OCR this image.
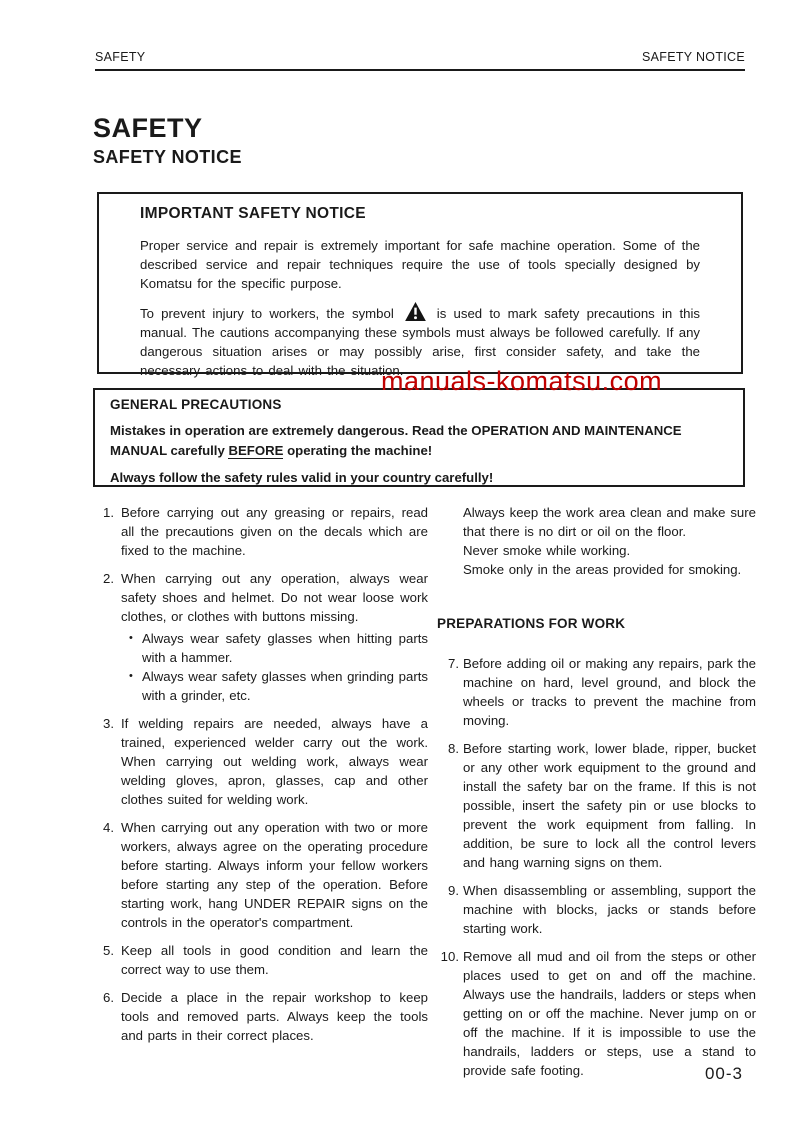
SAFETY	SAFETY NOTICE
SAFETY
SAFETY NOTICE
IMPORTANT SAFETY NOTICE

Proper service and repair is extremely important for safe machine operation. Some of the described service and repair techniques require the use of tools specially designed by Komatsu for the specific purpose.

To prevent injury to workers, the symbol	is used to mark safety precautions in this manual. The cautions accompanying these symbols must always be followed carefully. If any dangerous situation arises or may possibly arise, first consider safety, and take the necessary actions to deal with the situation.

manuals-komatsu.com
GENERAL PRECAUTIONS

Mistakes in operation are extremely dangerous. Read the OPERATION AND MAINTENANCE MANUAL carefully BEFORE operating the machine!

Always follow the safety rules valid in your country carefully!

1. Before carrying out any greasing or repairs, read all the precautions given on the decals which are fixed to the machine.
2. When carrying out any operation, always wear safety shoes and helmet. Do not wear loose work clothes, or clothes with buttons missing.
• Always wear safety glasses when hitting parts with a hammer.
• Always wear safety glasses when grinding parts with a grinder, etc.
3. If welding repairs are needed, always have a trained, experienced welder carry out the work. When carrying out welding work, always wear welding gloves, apron, glasses, cap and other clothes suited for welding work.
4. When carrying out any operation with two or more workers, always agree on the operating procedure before starting. Always inform your fellow workers before starting any step of the operation. Before starting work, hang UNDER REPAIR signs on the controls in the operator's compartment.
5. Keep all tools in good condition and learn the correct way to use them.
6. Decide a place in the repair workshop to keep tools and removed parts. Always keep the tools and parts in their correct places.
Always keep the work area clean and make sure that there is no dirt or oil on the floor.
Never smoke while working.
Smoke only in the areas provided for smoking.
PREPARATIONS FOR WORK
7. Before adding oil or making any repairs, park the machine on hard, level ground, and block the wheels or tracks to prevent the machine from moving.
8. Before starting work, lower blade, ripper, bucket or any other work equipment to the ground and install the safety bar on the frame. If this is not possible, insert the safety pin or use blocks to prevent the work equipment from falling. In addition, be sure to lock all the control levers and hang warning signs on them.
9. When disassembling or assembling, support the machine with blocks, jacks or stands before starting work.
10. Remove all mud and oil from the steps or other places used to get on and off the machine. Always use the handrails, ladders or steps when getting on or off the machine. Never jump on or off the machine. If it is impossible to use the handrails, ladders or steps, use a stand to provide safe footing.	00-3
